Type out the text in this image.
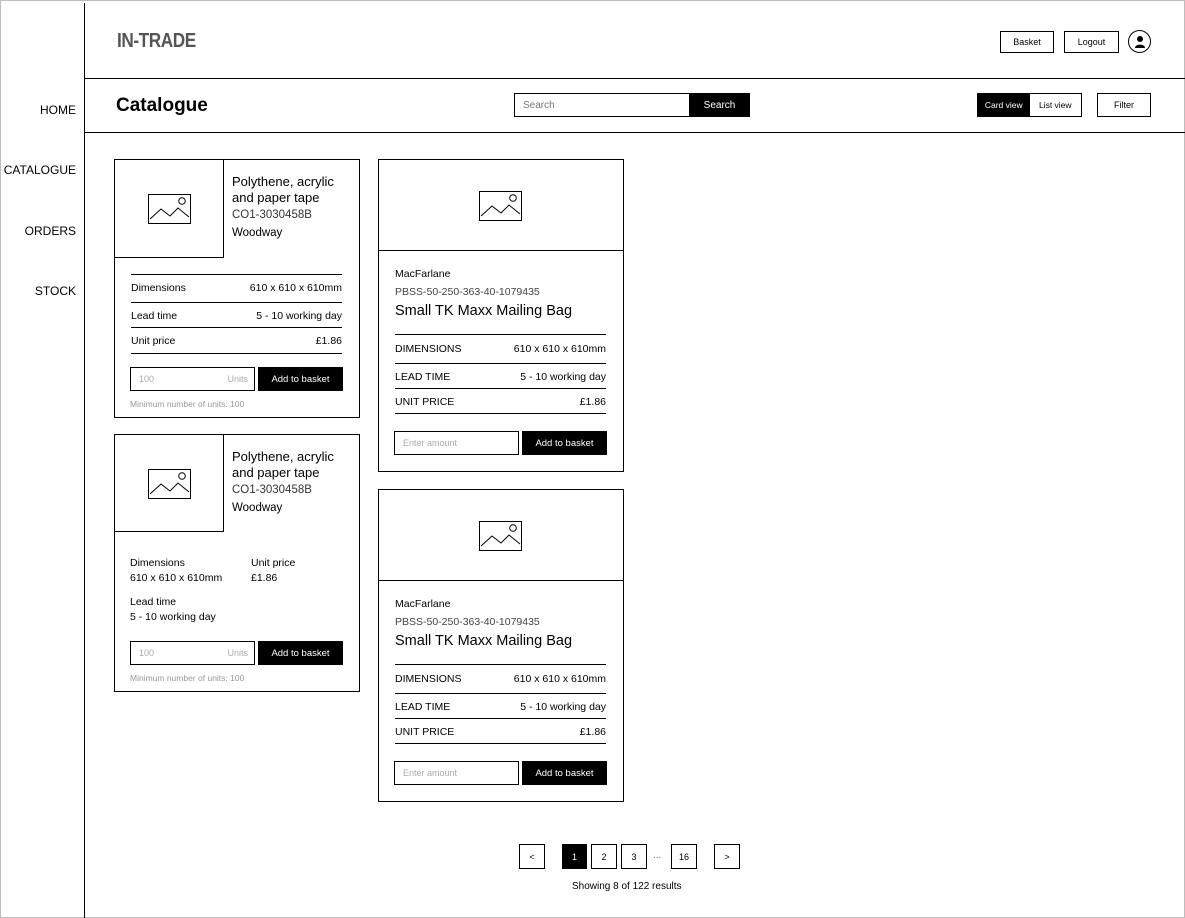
HOME
CATALOGUE
ORDERS
STOCK
IN-TRADE	Basket	Logout
Catalogue
Search	Search	Card view	List view	Filter
Polythene, acrylic
and paper tape
CO1-3030458B
Woodway
Dimensions	610 x 610 x 610mm
Lead time	5 - 10 working day
Unit price	£1.86
100	Units	Add to basket
Minimum number of units: 100
Polythene, acrylic
and paper tape
CO1-3030458B
Woodway
Dimensions
610 x 610 x 610mm
Unit price
£1.86
Lead time
5 - 10 working day
100	Units	Add to basket
Minimum number of units: 100
MacFarlane
PBSS-50-250-363-40-1079435
Small TK Maxx Mailing Bag
DIMENSIONS	610 x 610 x 610mm
LEAD TIME	5 - 10 working day
UNIT PRICE	£1.86
Enter amount	Add to basket
MacFarlane
PBSS-50-250-363-40-1079435
Small TK Maxx Mailing Bag
DIMENSIONS	610 x 610 x 610mm
LEAD TIME	5 - 10 working day
UNIT PRICE	£1.86
Enter amount	Add to basket
<	1	2	3	...	16	>
Showing 8 of 122 results
